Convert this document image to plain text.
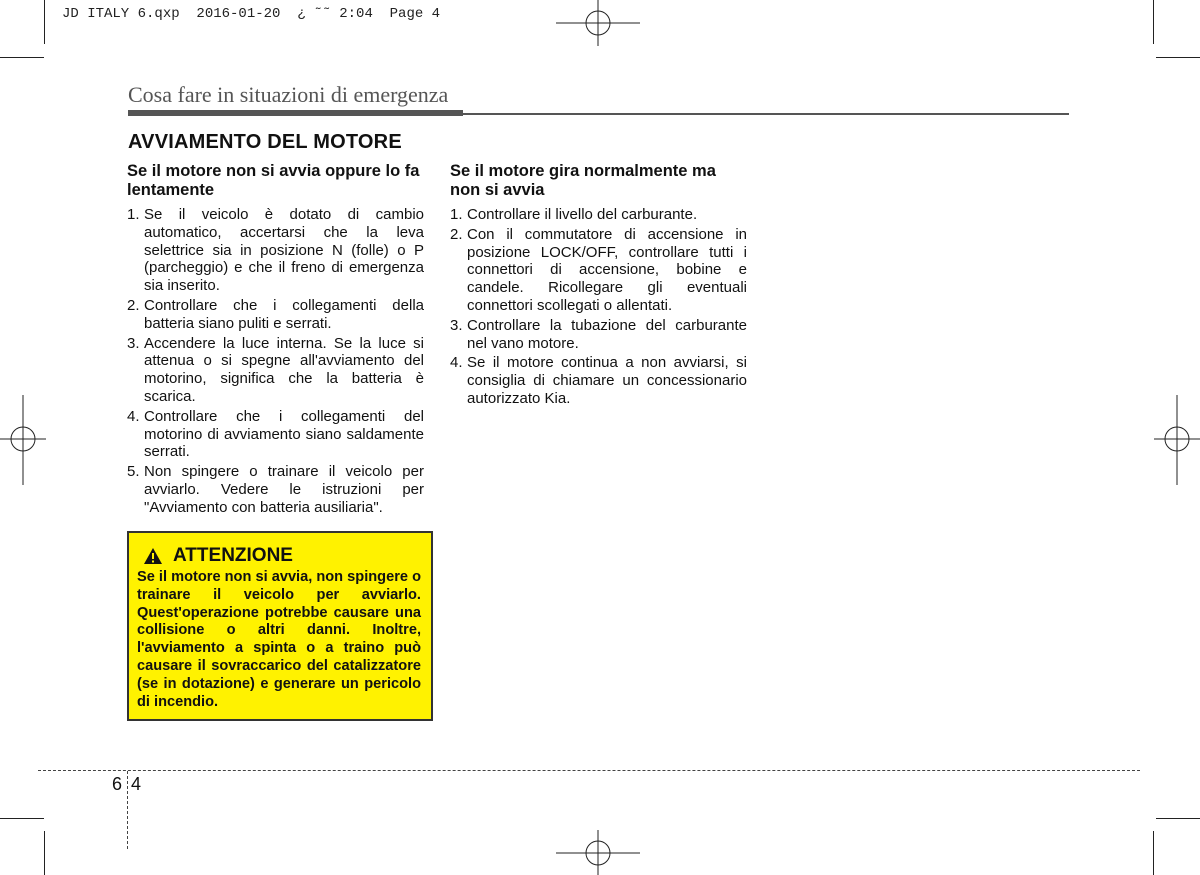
JD ITALY 6.qxp  2016-01-20  ¿ ˜˜ 2:04  Page 4
Cosa fare in situazioni di emergenza
AVVIAMENTO DEL MOTORE
Se il motore non si avvia oppure lo fa lentamente
1. Se il veicolo è dotato di cambio automatico, accertarsi che la leva selettrice sia in posizione N (folle) o P (parcheggio) e che il freno di emergenza sia inserito.
2. Controllare che i collegamenti della batteria siano puliti e serrati.
3. Accendere la luce interna. Se la luce si attenua o si spegne all'avviamento del motorino, significa che la batteria è scarica.
4. Controllare che i collegamenti del motorino di avviamento siano saldamente serrati.
5. Non spingere o trainare il veicolo per avviarlo. Vedere le istruzioni per "Avviamento con batteria ausiliaria".
Se il motore gira normalmente ma non si avvia
1. Controllare il livello del carburante.
2. Con il commutatore di accensione in posizione LOCK/OFF, controllare tutti i connettori di accensione, bobine e candele. Ricollegare gli eventuali connettori scollegati o allentati.
3. Controllare la tubazione del carburante nel vano motore.
4. Se il motore continua a non avviarsi, si consiglia di chiamare un concessionario autorizzato Kia.
ATTENZIONE
Se il motore non si avvia, non spingere o trainare il veicolo per avviarlo. Quest'operazione potrebbe causare una collisione o altri danni. Inoltre, l'avviamento a spinta o a traino può causare il sovraccarico del catalizzatore (se in dotazione) e generare un pericolo di incendio.
6 4
